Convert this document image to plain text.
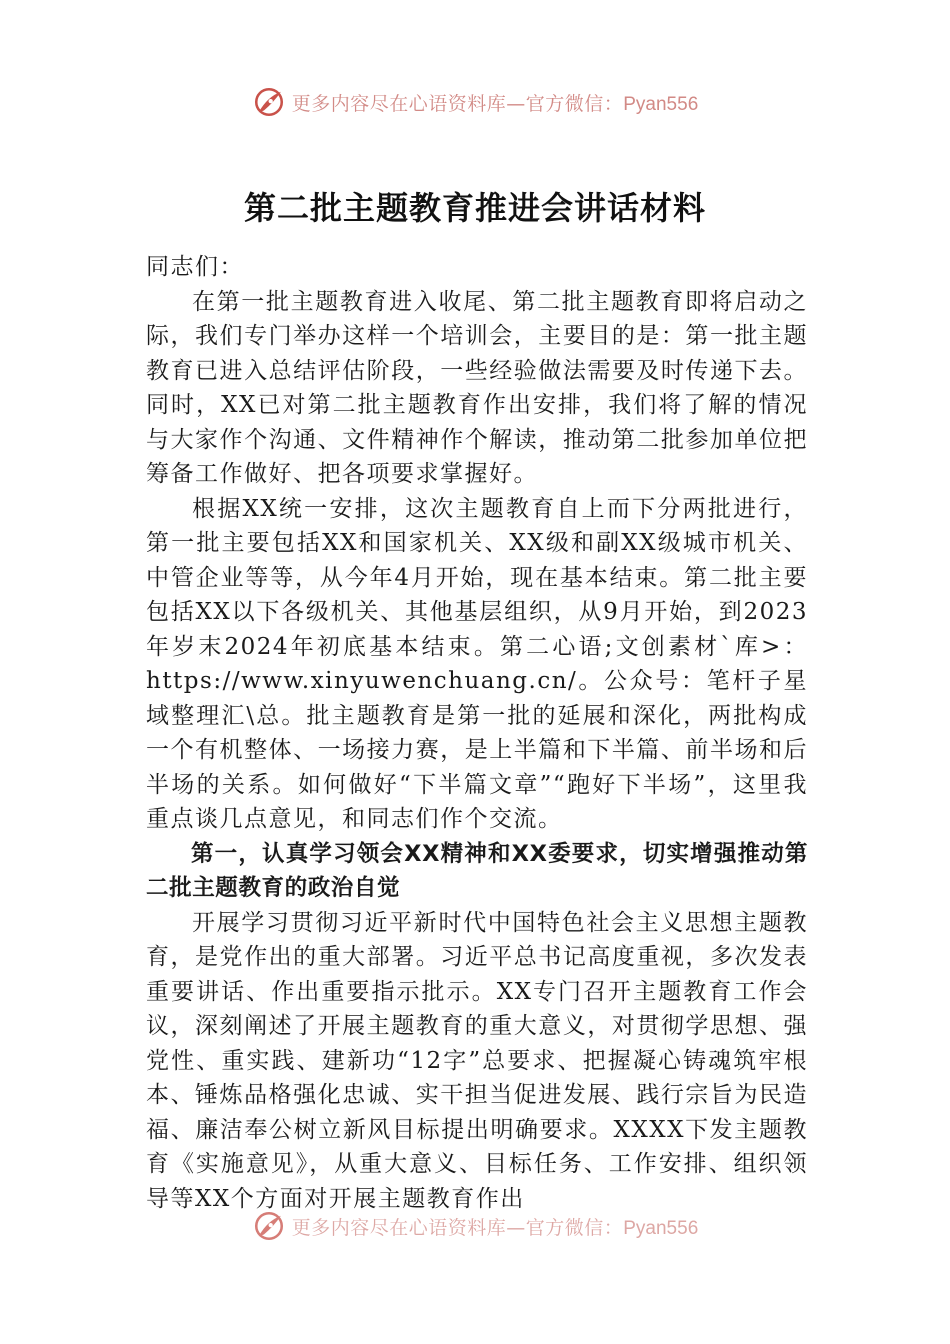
更多内容尽在心语资料库—官方微信：Pyan556
第二批主题教育推进会讲话材料

同志们：

在第一批主题教育进入收尾、第二批主题教育即将启动之际，我们专门举办这样一个培训会，主要目的是：第一批主题教育已进入总结评估阶段，一些经验做法需要及时传递下去。同时，XX已对第二批主题教育作出安排，我们将了解的情况与大家作个沟通、文件精神作个解读，推动第二批参加单位把筹备工作做好、把各项要求掌握好。

根据XX统一安排，这次主题教育自上而下分两批进行，第一批主要包括XX和国家机关、XX级和副XX级城市机关、中管企业等等，从今年4月开始，现在基本结束。第二批主要包括XX以下各级机关、其他基层组织，从9月开始，到2023年岁末2024年初底基本结束。第二心语;文创素材`库>：https://www.xinyuwenchuang.cn/。公众号：笔杆子星域整理汇\总。批主题教育是第一批的延展和深化，两批构成一个有机整体、一场接力赛，是上半篇和下半篇、前半场和后半场的关系。如何做好“下半篇文章”“跑好下半场”，这里我重点谈几点意见，和同志们作个交流。

第一，认真学习领会XX精神和XX委要求，切实增强推动第二批主题教育的政治自觉

开展学习贯彻习近平新时代中国特色社会主义思想主题教育，是党作出的重大部署。习近平总书记高度重视，多次发表重要讲话、作出重要指示批示。XX专门召开主题教育工作会议，深刻阐述了开展主题教育的重大意义，对贯彻学思想、强党性、重实践、建新功“12字”总要求、把握凝心铸魂筑牢根本、锤炼品格强化忠诚、实干担当促进发展、践行宗旨为民造福、廉洁奉公树立新风目标提出明确要求。XXXX下发主题教育《实施意见》，从重大意义、目标任务、工作安排、组织领导等XX个方面对开展主题教育作出

更多内容尽在心语资料库—官方微信：Pyan556
